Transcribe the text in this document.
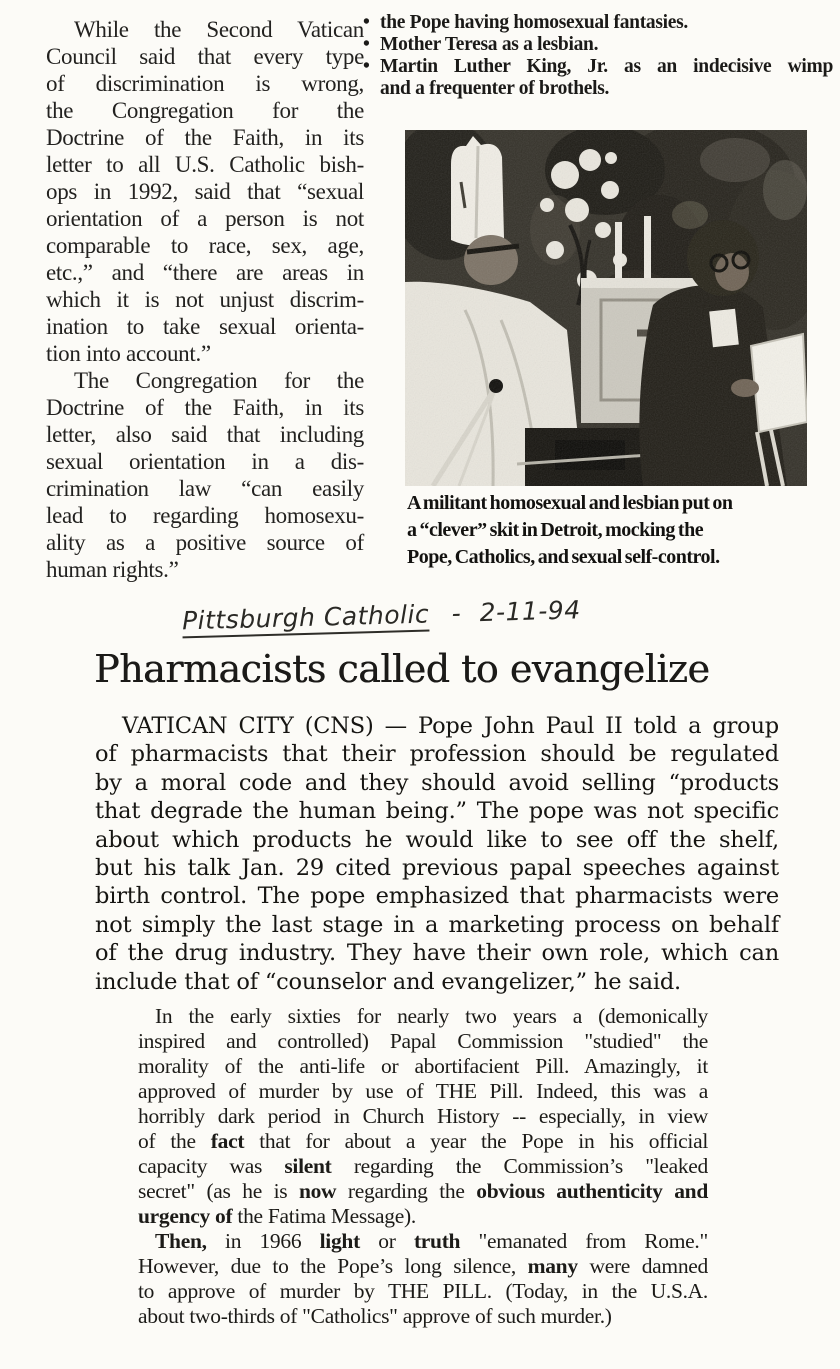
While the Second Vatican
Council said that every type
of discrimination is wrong,
the Congregation for the
Doctrine of the Faith, in its
letter to all U.S. Catholic bish-
ops in 1992, said that “sexual
orientation of a person is not
comparable to race, sex, age,
etc.,” and “there are areas in
which it is not unjust discrim-
ination to take sexual orienta-
tion into account.”
The Congregation for the
Doctrine of the Faith, in its
letter, also said that including
sexual orientation in a dis-
crimination law “can easily
lead to regarding homosexu-
ality as a positive source of
human rights.”
• the Pope having homosexual fantasies.
• Mother Teresa as a lesbian.
• Martin Luther King, Jr. as an indecisive wimp
and a frequenter of brothels.
A militant homosexual and lesbian put on
a “clever” skit in Detroit, mocking the
Pope, Catholics, and sexual self-control.
Pittsburgh Catholic - 2-11-94
Pharmacists called to evangelize
VATICAN CITY (CNS) — Pope John Paul II told a group
of pharmacists that their profession should be regulated
by a moral code and they should avoid selling “products
that degrade the human being.” The pope was not specific
about which products he would like to see off the shelf,
but his talk Jan. 29 cited previous papal speeches against
birth control. The pope emphasized that pharmacists were
not simply the last stage in a marketing process on behalf
of the drug industry. They have their own role, which can
include that of “counselor and evangelizer,” he said.
In the early sixties for nearly two years a (demonically
inspired and controlled) Papal Commission "studied" the
morality of the anti-life or abortifacient Pill. Amazingly, it
approved of murder by use of THE Pill. Indeed, this was a
horribly dark period in Church History -- especially, in view
of the fact that for about a year the Pope in his official
capacity was silent regarding the Commission’s "leaked
secret" (as he is now regarding the obvious authenticity and
urgency of the Fatima Message).
Then, in 1966 light or truth "emanated from Rome."
However, due to the Pope’s long silence, many were damned
to approve of murder by THE PILL. (Today, in the U.S.A.
about two-thirds of "Catholics" approve of such murder.)
